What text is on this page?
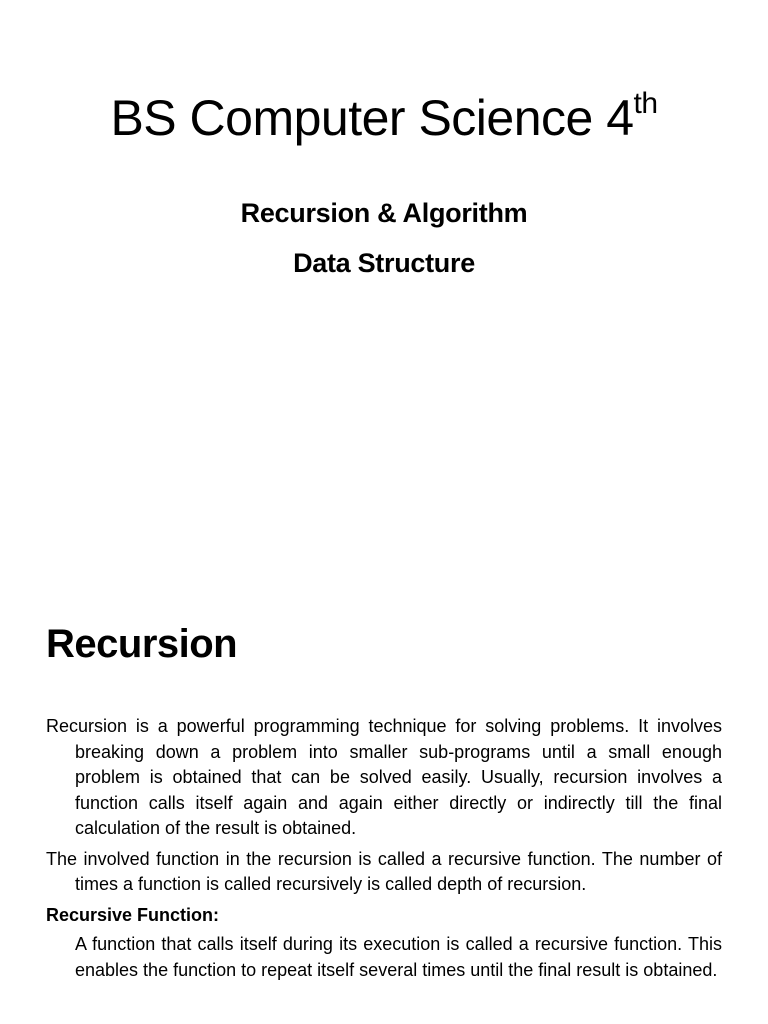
BS Computer Science 4th

Recursion & Algorithm

Data Structure

Recursion

Recursion is a powerful programming technique for solving problems. It involves breaking down a problem into smaller sub-programs until a small enough problem is obtained that can be solved easily. Usually, recursion involves a function calls itself again and again either directly or indirectly till the final calculation of the result is obtained.

The involved function in the recursion is called a recursive function. The number of times a function is called recursively is called depth of recursion.

Recursive Function:

A function that calls itself during its execution is called a recursive function. This enables the function to repeat itself several times until the final result is obtained.
